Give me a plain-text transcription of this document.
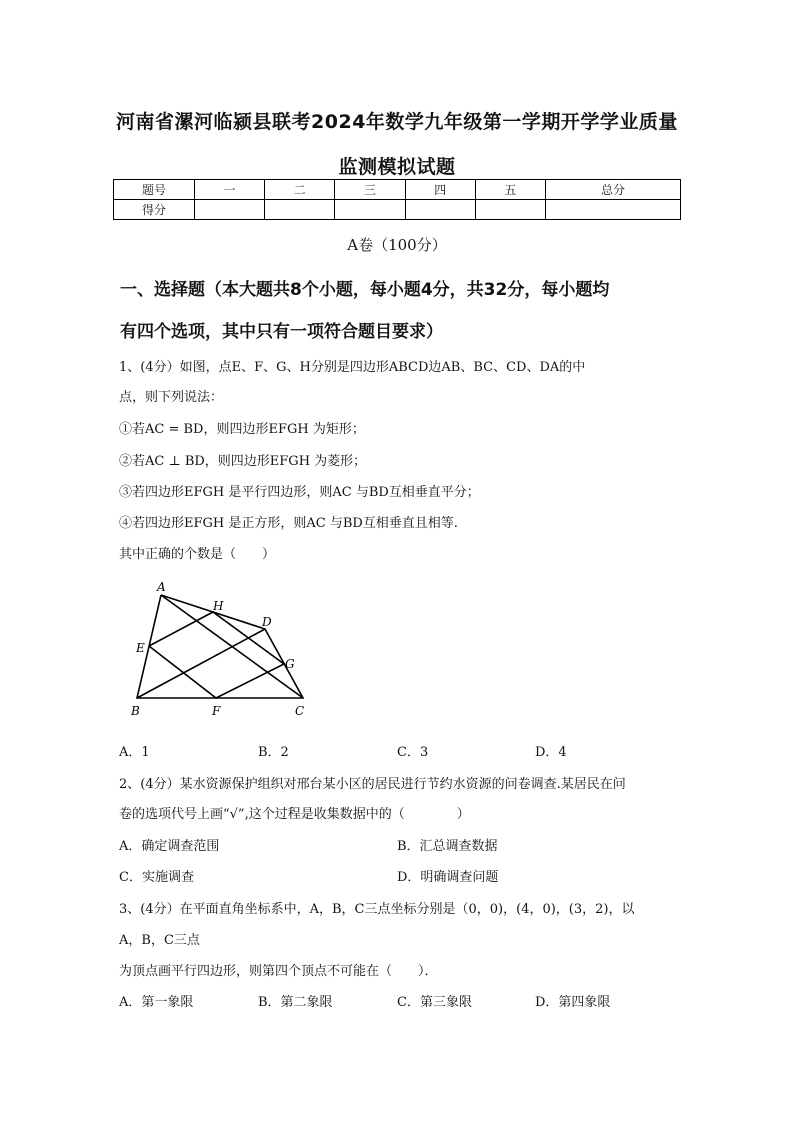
河南省漯河临颍县联考2024年数学九年级第一学期开学学业质量
监测模拟试题
题号	一	二	三	四	五	总分
得分						
A卷（100分）
一、选择题（本大题共8个小题，每小题4分，共32分，每小题均
有四个选项，其中只有一项符合题目要求）
1、(4分）如图，点E、F、G、H分别是四边形ABCD边AB、BC、CD、DA的中
点，则下列说法：
①若AC = BD，则四边形EFGH 为矩形；
②若AC ⊥ BD，则四边形EFGH 为菱形；
③若四边形EFGH 是平行四边形，则AC 与BD互相垂直平分；
④若四边形EFGH 是正方形，则AC 与BD互相垂直且相等.
其中正确的个数是（　　）
A
H
D
E
G
B	F	C
A．1	B．2	C．3	D．4
2、(4分）某水资源保护组织对邢台某小区的居民进行节约水资源的问卷调查.某居民在问
卷的选项代号上画“√”,这个过程是收集数据中的（　　　　）
A．确定调查范围	B．汇总调查数据
C．实施调查	D．明确调查问题
3、(4分）在平面直角坐标系中，A，B，C三点坐标分别是（0，0)，(4，0)，(3，2)，以
A，B，C三点
为顶点画平行四边形，则第四个顶点不可能在（　　）．
A．第一象限	B．第二象限	C．第三象限	D．第四象限
